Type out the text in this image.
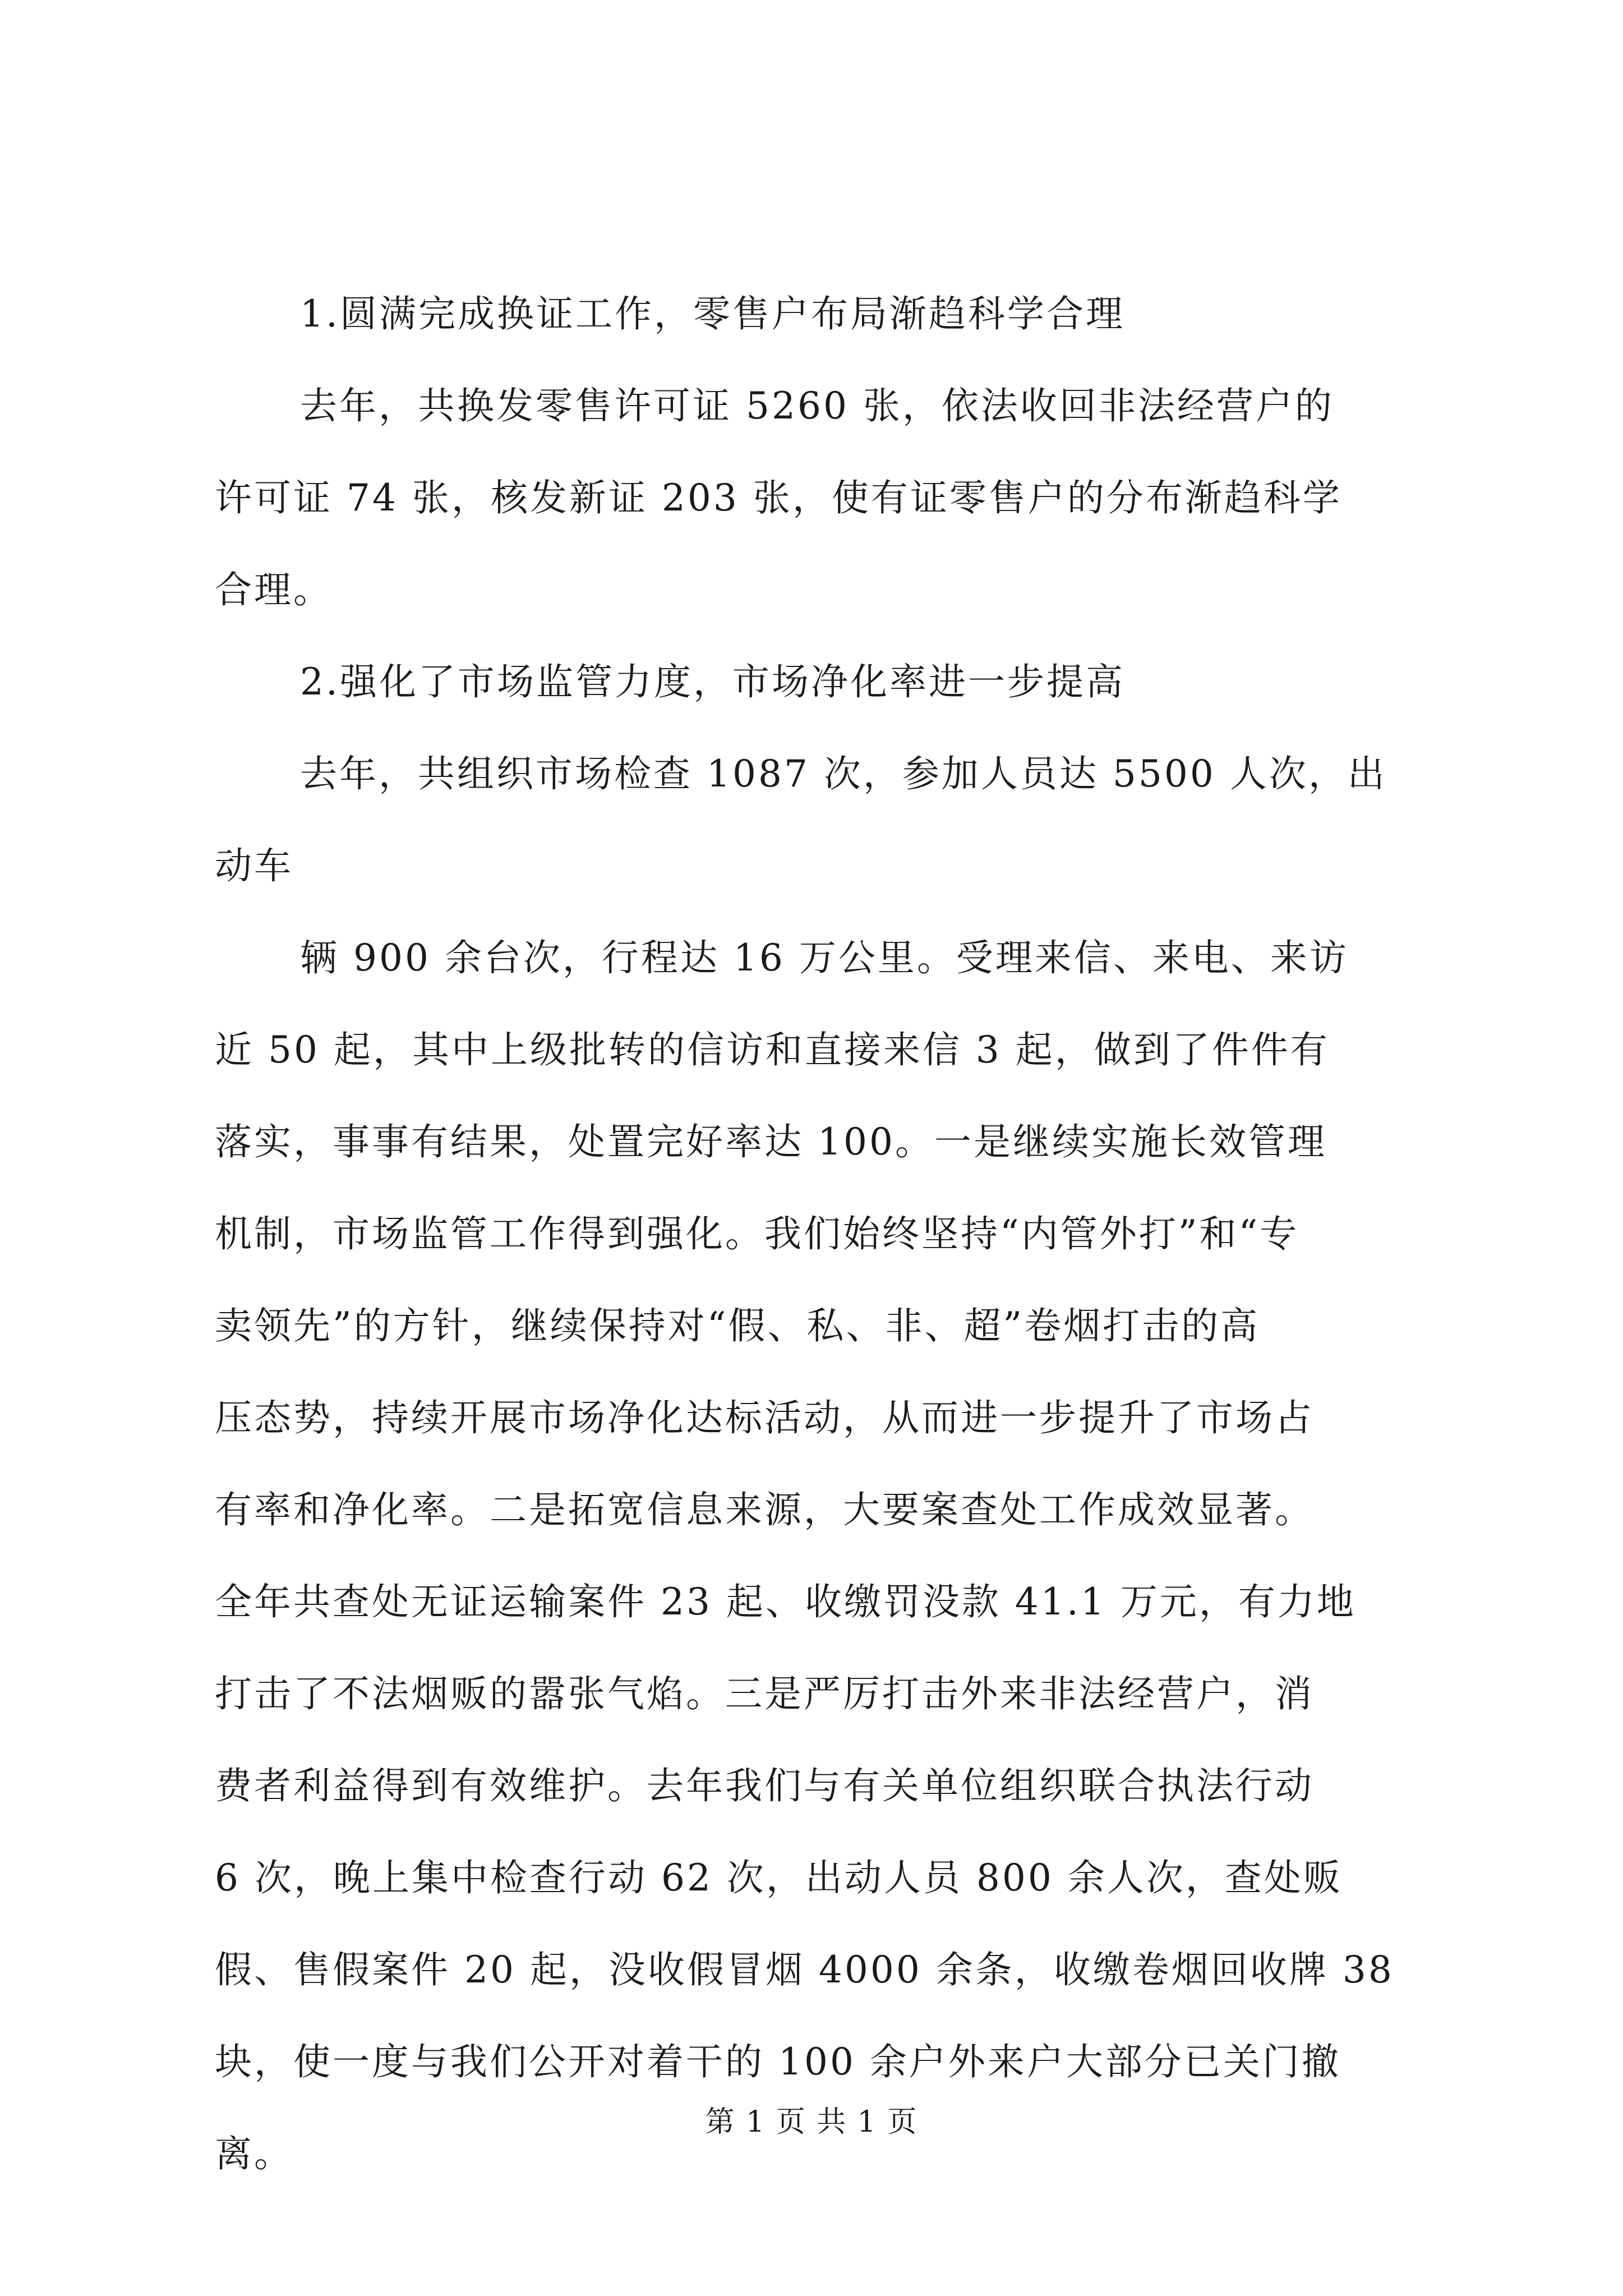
1.圆满完成换证工作，零售户布局渐趋科学合理
去年，共换发零售许可证 5260 张，依法收回非法经营户的
许可证 74 张，核发新证 203 张，使有证零售户的分布渐趋科学
合理。
2.强化了市场监管力度，市场净化率进一步提高
去年，共组织市场检查 1087 次，参加人员达 5500 人次，出
动车
辆 900 余台次，行程达 16 万公里。受理来信、来电、来访
近 50 起，其中上级批转的信访和直接来信 3 起，做到了件件有
落实，事事有结果，处置完好率达 100。一是继续实施长效管理
机制，市场监管工作得到强化。我们始终坚持“内管外打”和“专
卖领先”的方针，继续保持对“假、私、非、超”卷烟打击的高
压态势，持续开展市场净化达标活动，从而进一步提升了市场占
有率和净化率。二是拓宽信息来源，大要案查处工作成效显著。
全年共查处无证运输案件 23 起、收缴罚没款 41.1 万元，有力地
打击了不法烟贩的嚣张气焰。三是严厉打击外来非法经营户，消
费者利益得到有效维护。去年我们与有关单位组织联合执法行动
6 次，晚上集中检查行动 62 次，出动人员 800 余人次，查处贩
假、售假案件 20 起，没收假冒烟 4000 余条，收缴卷烟回收牌 38
块，使一度与我们公开对着干的 100 余户外来户大部分已关门撤
离。
第 1 页 共 1 页
